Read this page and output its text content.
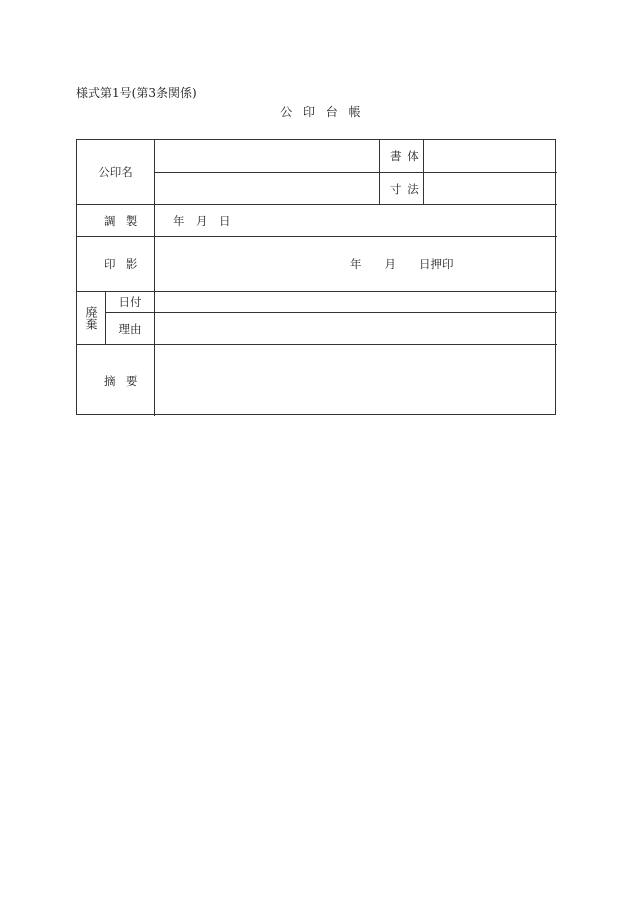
様式第1号(第3条関係)
公印台帳
公印名
書体
寸法
調製	年　月　日
印影	年　　月　　日押印
廃棄
日付
理由
摘要
